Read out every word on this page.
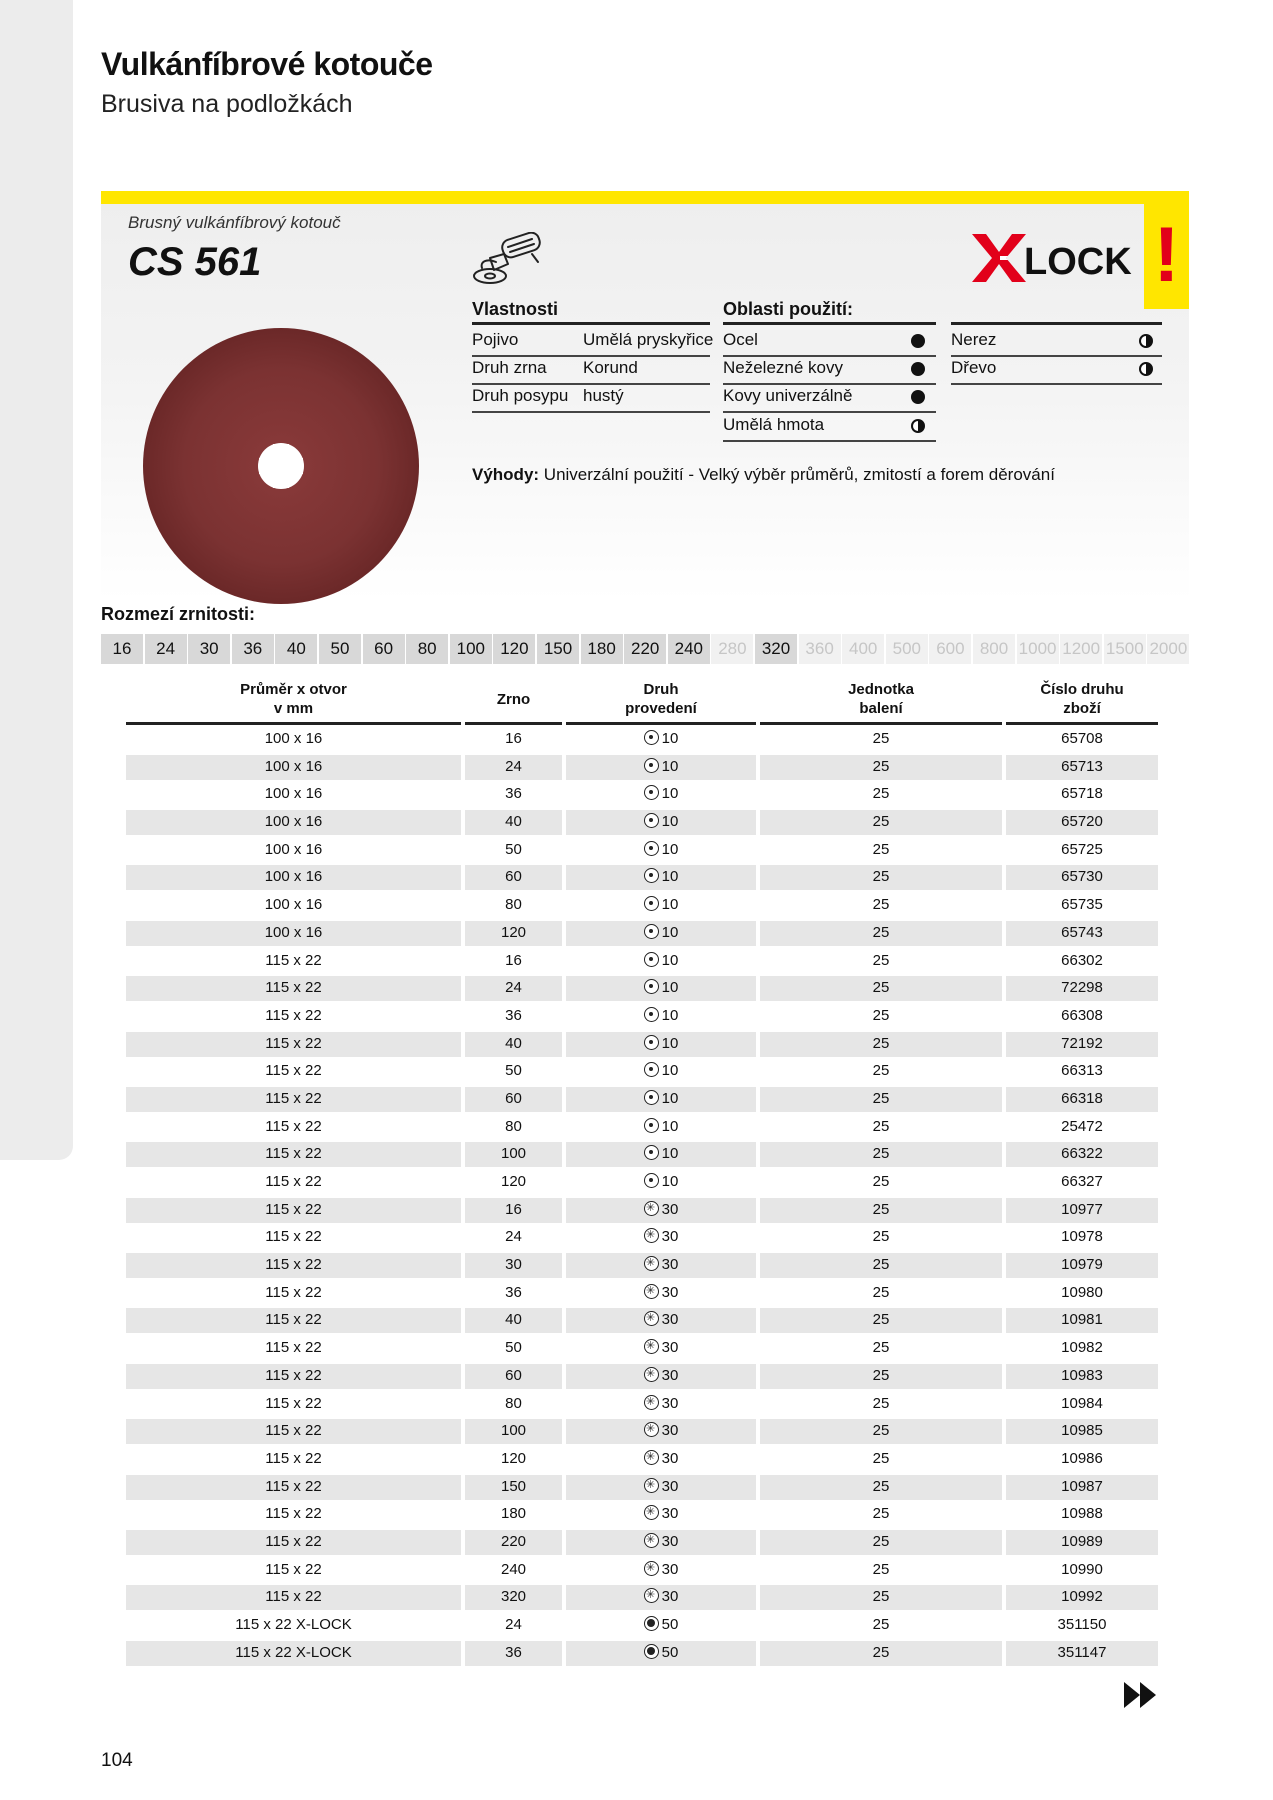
Vulkánfíbrové kotouče
Brusiva na podložkách
!
Brusný vulkánfíbrový kotouč
CS 561	LOCK
Vlastnosti
Pojivo	Umělá pryskyřice
Druh zrna Korund
Druh posypu hustý
Oblasti použití:
Ocel
Neželezné kovy
Kovy univerzálně
Umělá hmota
Nerez
Dřevo
Výhody: Univerzální použití - Velký výběr průměrů, zmitostí a forem děrování
Rozmezí zrnitosti:
16	24	30	36	40	50	60	80	100 120 150 180 220 240 280 320 360 400 500 600 800 1000 1200 1500 2000
Průměr x otvor
v mm
Zrno
Druh
provedení
Jednotka
balení
Číslo druhu
zboží
100 x 16	16	10	25	65708
100 x 16	24	10	25	65713
100 x 16	36	10	25	65718
100 x 16	40	10	25	65720
100 x 16	50	10	25	65725
100 x 16	60	10	25	65730
100 x 16	80	10	25	65735
100 x 16	120	10	25	65743
115 x 22	16	10	25	66302
115 x 22	24	10	25	72298
115 x 22	36	10	25	66308
115 x 22	40	10	25	72192
115 x 22	50	10	25	66313
115 x 22	60	10	25	66318
115 x 22	80	10	25	25472
115 x 22	100	10	25	66322
115 x 22	120	10	25	66327
115 x 22	16 ✳	30	25	10977
115 x 22	24 ✳	30	25	10978
115 x 22	30 ✳	30	25	10979
115 x 22	36 ✳	30	25	10980
115 x 22	40 ✳	30	25	10981
115 x 22	50 ✳	30	25	10982
115 x 22	60 ✳	30	25	10983
115 x 22	80 ✳	30	25	10984
115 x 22	100 ✳	30	25	10985
115 x 22	120 ✳	30	25	10986
115 x 22	150 ✳	30	25	10987
115 x 22	180 ✳	30	25	10988
115 x 22	220 ✳	30	25	10989
115 x 22	240 ✳	30	25	10990
115 x 22	320 ✳	30	25	10992
115 x 22 X-LOCK	24	50	25	351150
115 x 22 X-LOCK	36	50	25	351147
104
